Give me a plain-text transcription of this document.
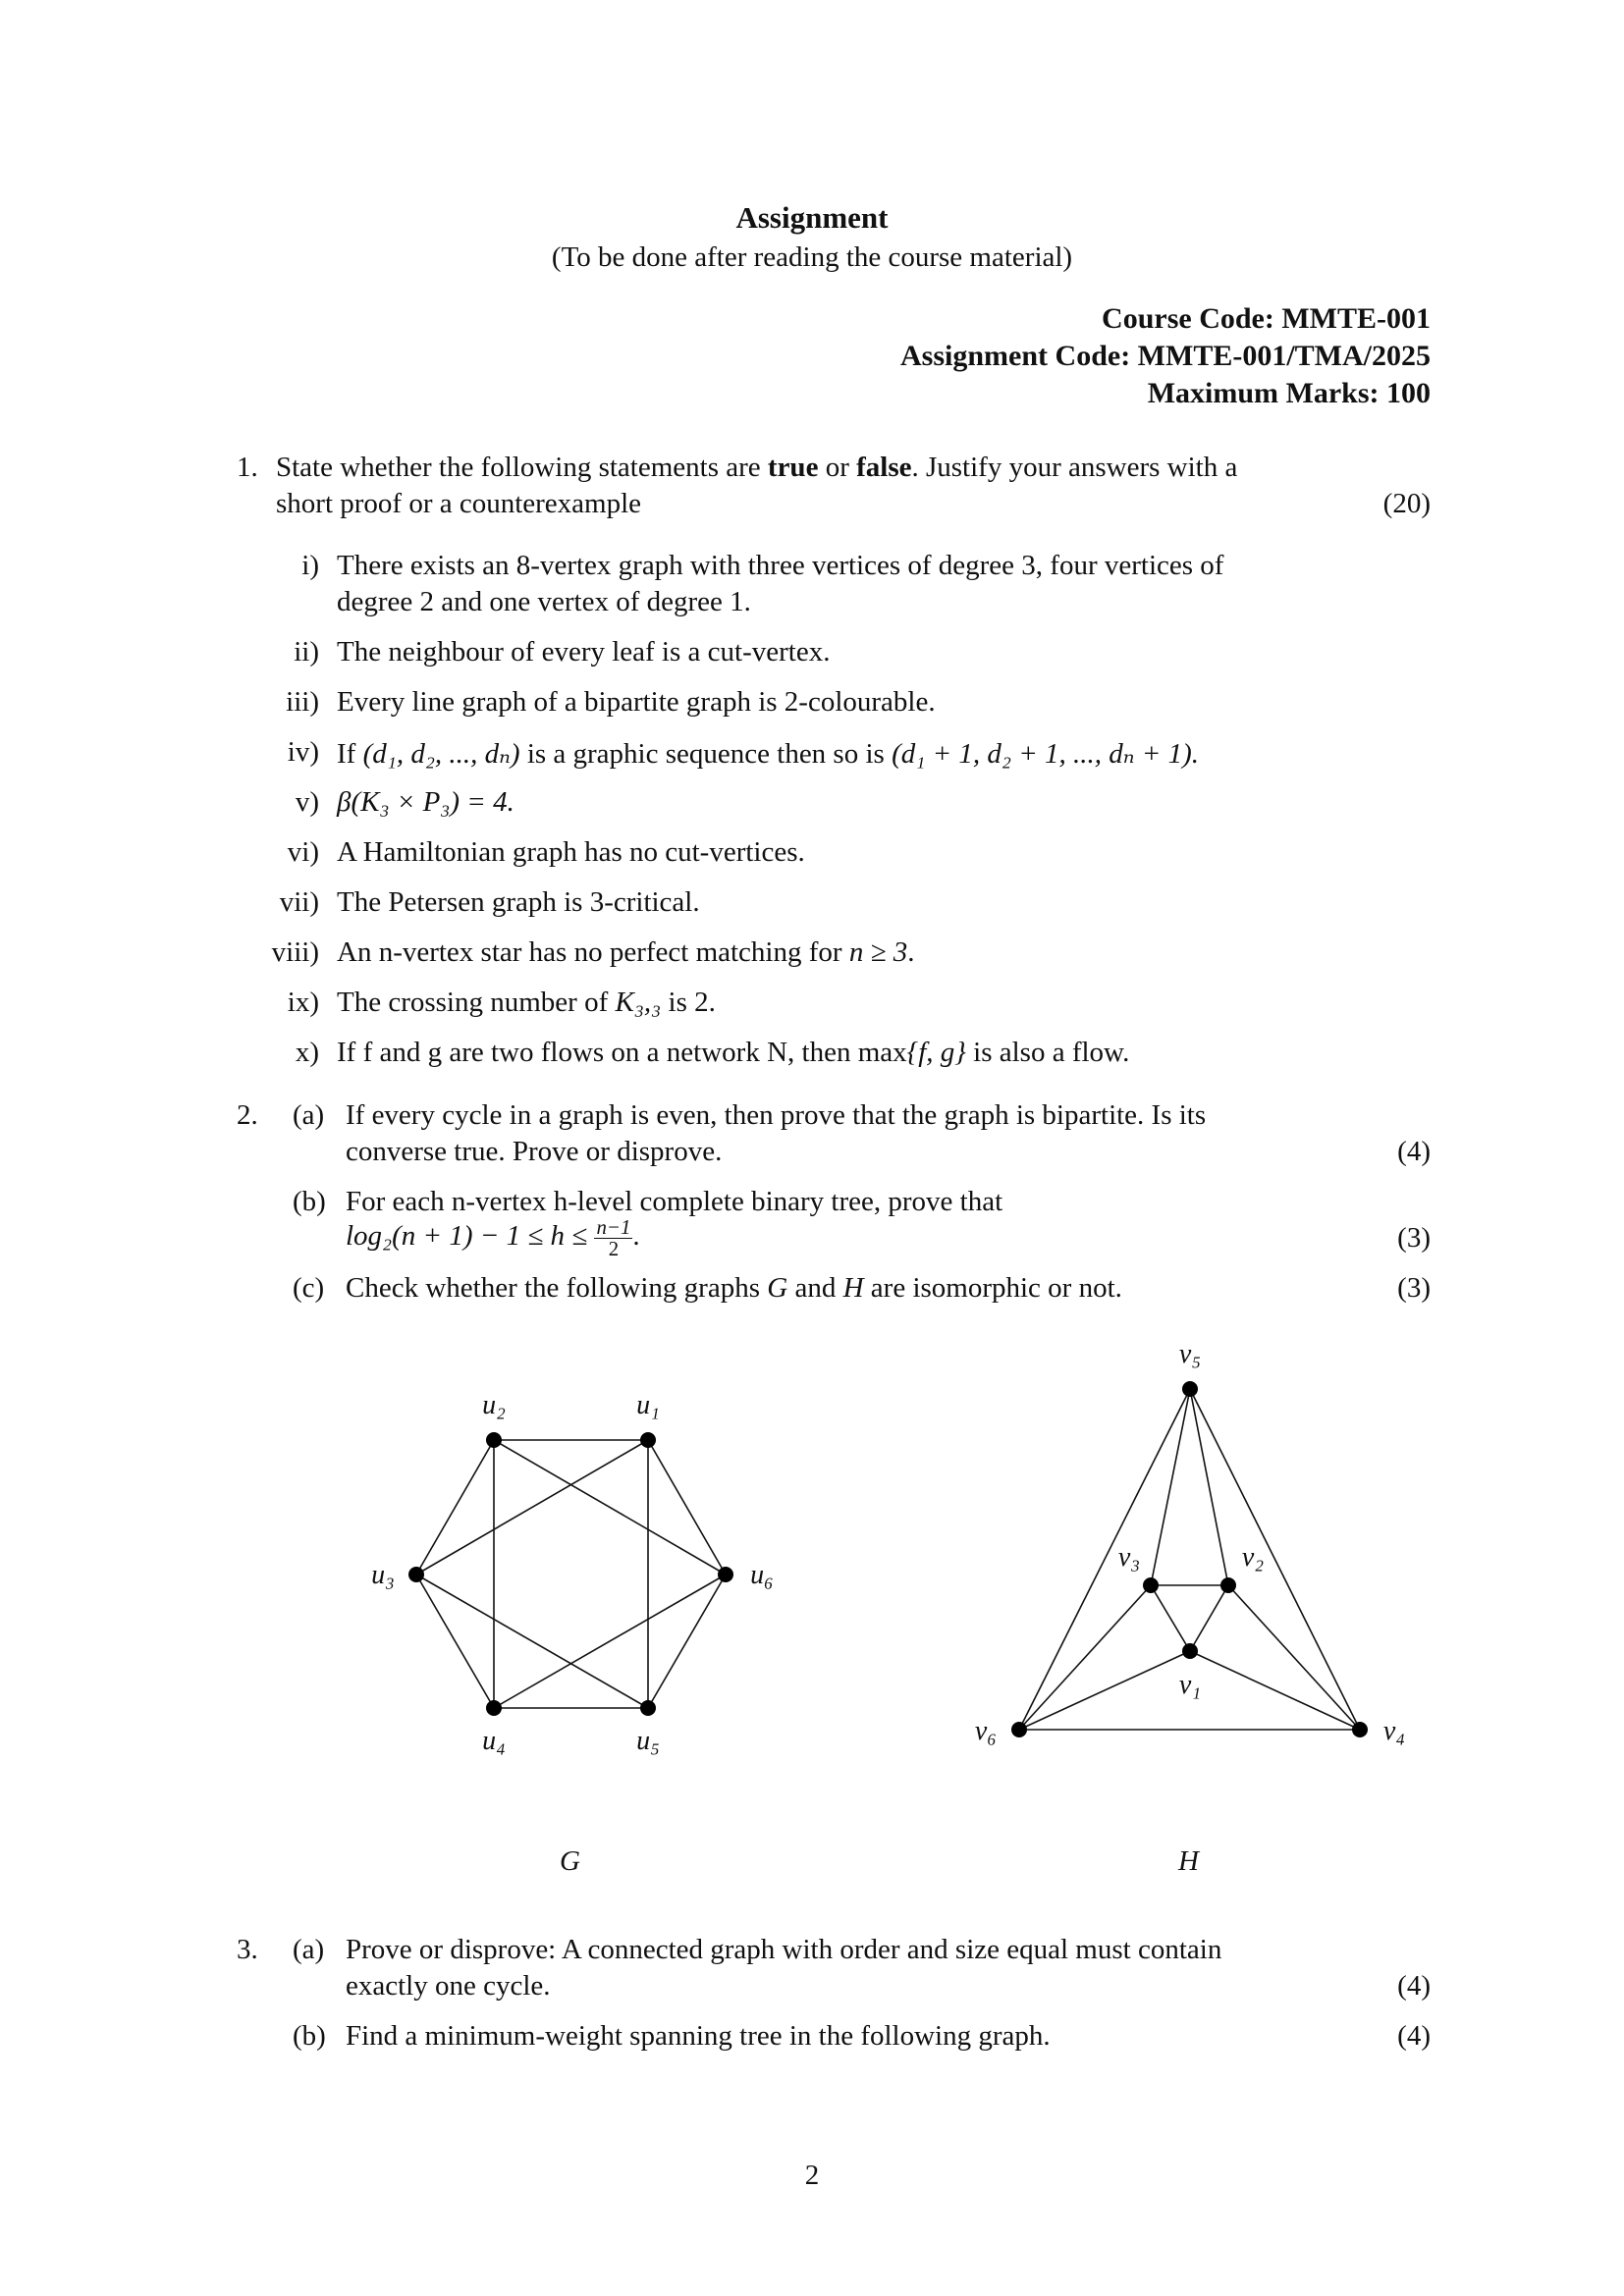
Assignment
(To be done after reading the course material)
Course Code: MMTE-001
Assignment Code: MMTE-001/TMA/2025
Maximum Marks: 100
1. State whether the following statements are true or false. Justify your answers with a
short proof or a counterexample	(20)
i) There exists an 8-vertex graph with three vertices of degree 3, four vertices of
degree 2 and one vertex of degree 1.
ii) The neighbour of every leaf is a cut-vertex.
iii) Every line graph of a bipartite graph is 2-colourable.
iv) If (d₁, d₂, ..., dₙ) is a graphic sequence then so is (d₁ + 1, d₂ + 1, ..., dₙ + 1).
v) β(K₃ × P₃) = 4.
vi) A Hamiltonian graph has no cut-vertices.
vii) The Petersen graph is 3-critical.
viii) An n-vertex star has no perfect matching for n ≥ 3.
ix) The crossing number of K₃,₃ is 2.
x) If f and g are two flows on a network N, then max{f, g} is also a flow.
2. (a) If every cycle in a graph is even, then prove that the graph is bipartite. Is its
converse true. Prove or disprove.	(4)
(b) For each n-vertex h-level complete binary tree, prove that
$\log_2(n + 1) - 1 \le h \le \frac{n-1}{2}$ .	(3)
(c) Check whether the following graphs G and H are isomorphic or not.	(3)
u₁
u₂
u₃
u₄	u₅
u₆
v₁
v₂
v₃
v₄
v₅
v₆
G	H
3. (a) Prove or disprove: A connected graph with order and size equal must contain
exactly one cycle.	(4)
(b) Find a minimum-weight spanning tree in the following graph.	(4)
2
